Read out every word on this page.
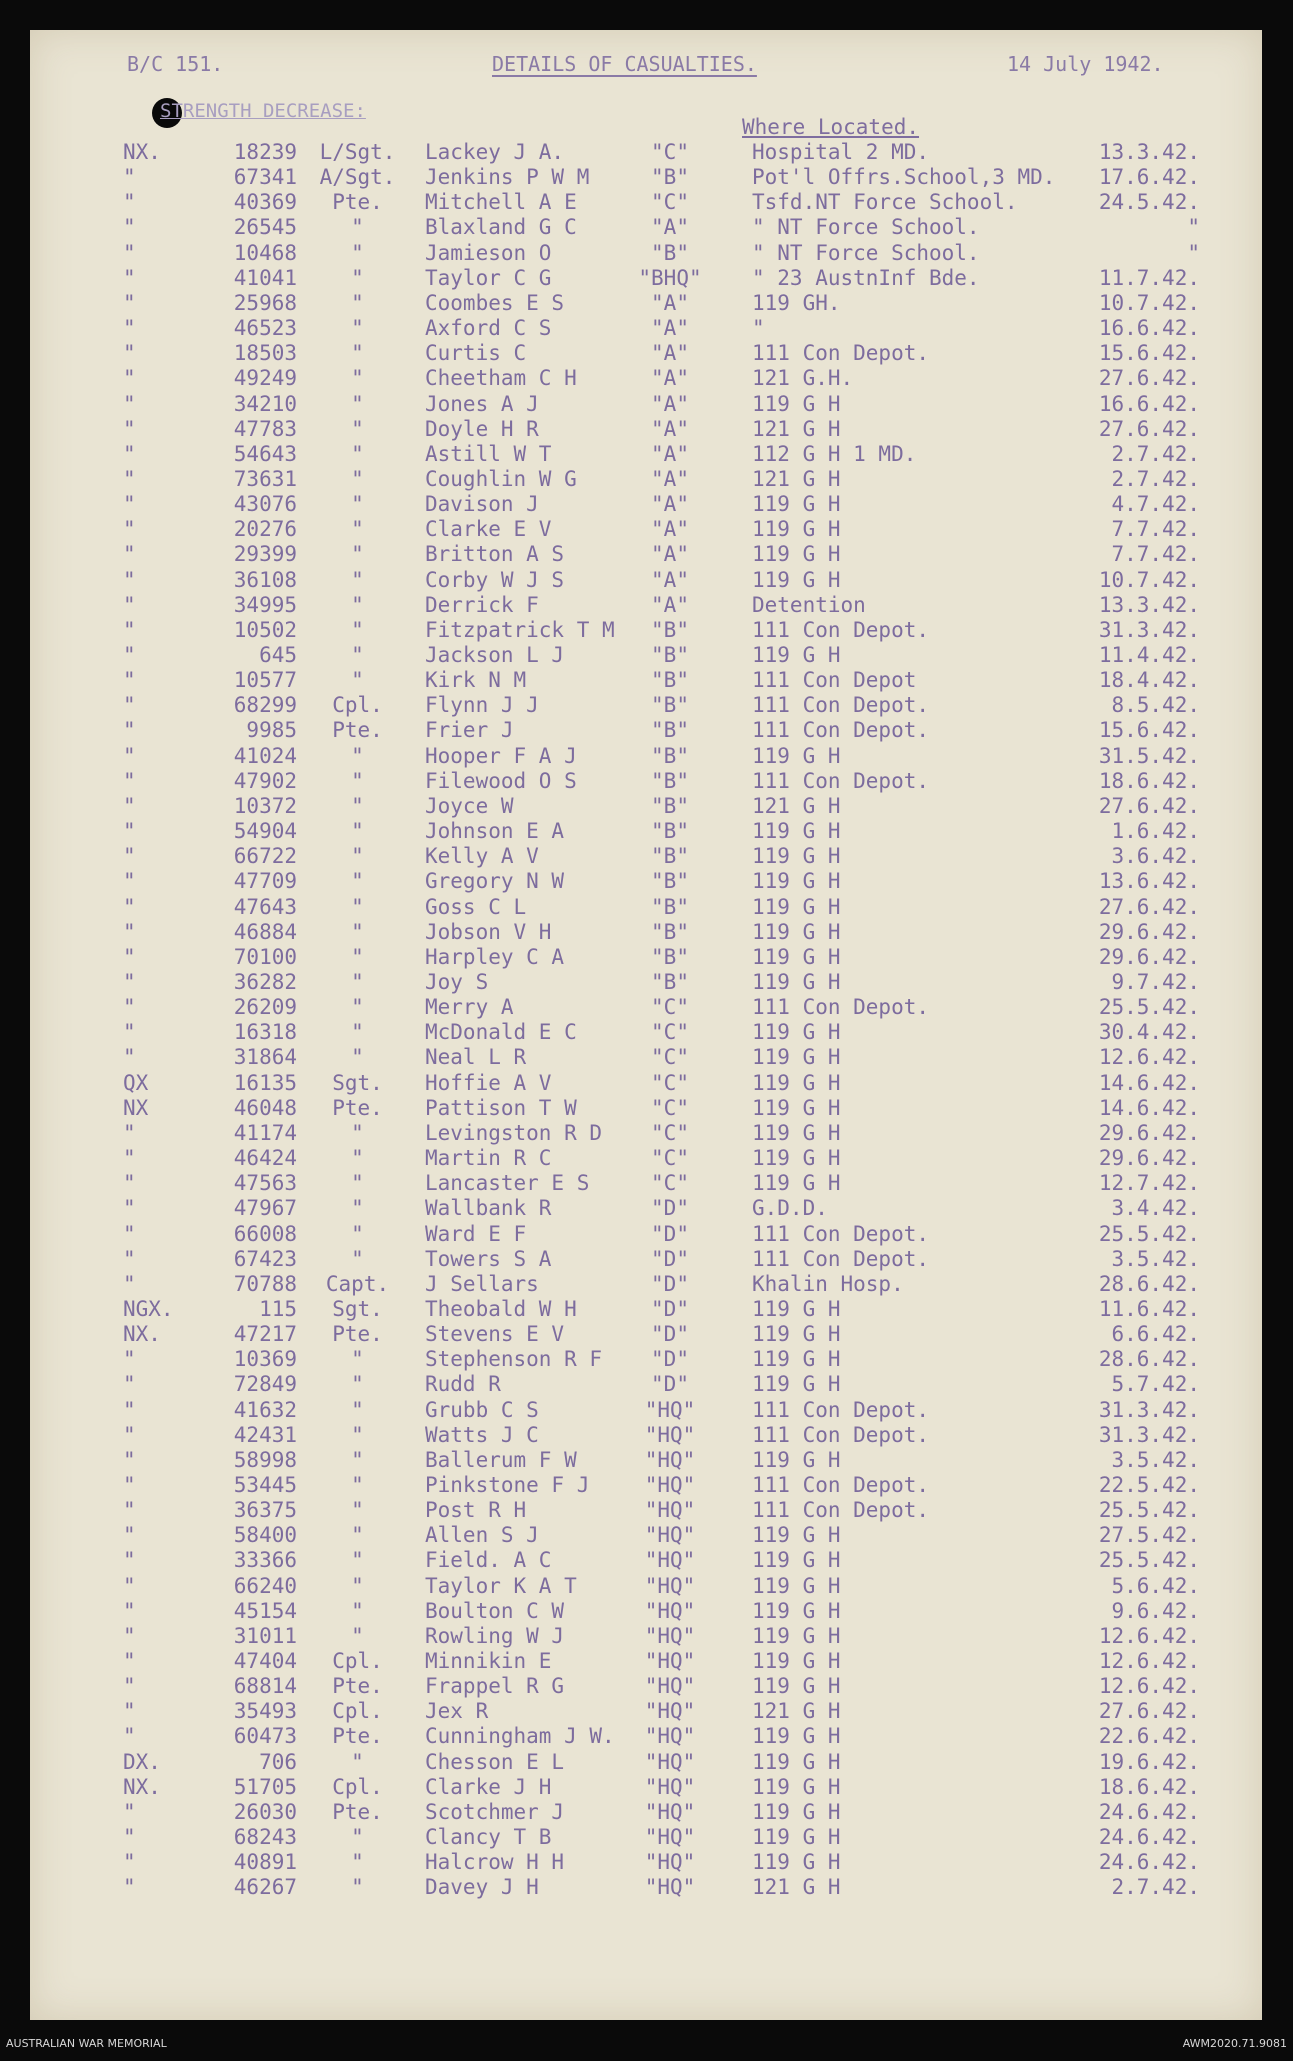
B/C 151.	DETAILS OF CASUALTIES.	14 July 1942.
STRENGTH DECREASE:
Where Located.
NX.	18239	L/Sgt.	Lackey J A.	"C"	Hospital 2 MD.	13.3.42.
"	67341	A/Sgt.	Jenkins P W M	"B"	Pot'l Offrs.School,3 MD.	17.6.42.
"	40369	Pte.	Mitchell A E	"C"	Tsfd.NT Force School.	24.5.42.
"	26545	"	Blaxland G C	"A"	" NT Force School.	"
"	10468	"	Jamieson O	"B"	" NT Force School.	"
"	41041	"	Taylor C G	"BHQ"	" 23 AustnInf Bde.	11.7.42.
"	25968	"	Coombes E S	"A"	119 GH.	10.7.42.
"	46523	"	Axford C S	"A"	"	16.6.42.
"	18503	"	Curtis C	"A"	111 Con Depot.	15.6.42.
"	49249	"	Cheetham C H	"A"	121 G.H.	27.6.42.
"	34210	"	Jones A J	"A"	119 G H	16.6.42.
"	47783	"	Doyle H R	"A"	121 G H	27.6.42.
"	54643	"	Astill W T	"A"	112 G H 1 MD.	2.7.42.
"	73631	"	Coughlin W G	"A"	121 G H	2.7.42.
"	43076	"	Davison J	"A"	119 G H	4.7.42.
"	20276	"	Clarke E V	"A"	119 G H	7.7.42.
"	29399	"	Britton A S	"A"	119 G H	7.7.42.
"	36108	"	Corby W J S	"A"	119 G H	10.7.42.
"	34995	"	Derrick F	"A"	Detention	13.3.42.
"	10502	"	Fitzpatrick T M	"B"	111 Con Depot.	31.3.42.
"	645	"	Jackson L J	"B"	119 G H	11.4.42.
"	10577	"	Kirk N M	"B"	111 Con Depot	18.4.42.
"	68299	Cpl.	Flynn J J	"B"	111 Con Depot.	8.5.42.
"	9985	Pte.	Frier J	"B"	111 Con Depot.	15.6.42.
"	41024	"	Hooper F A J	"B"	119 G H	31.5.42.
"	47902	"	Filewood O S	"B"	111 Con Depot.	18.6.42.
"	10372	"	Joyce W	"B"	121 G H	27.6.42.
"	54904	"	Johnson E A	"B"	119 G H	1.6.42.
"	66722	"	Kelly A V	"B"	119 G H	3.6.42.
"	47709	"	Gregory N W	"B"	119 G H	13.6.42.
"	47643	"	Goss C L	"B"	119 G H	27.6.42.
"	46884	"	Jobson V H	"B"	119 G H	29.6.42.
"	70100	"	Harpley C A	"B"	119 G H	29.6.42.
"	36282	"	Joy S	"B"	119 G H	9.7.42.
"	26209	"	Merry A	"C"	111 Con Depot.	25.5.42.
"	16318	"	McDonald E C	"C"	119 G H	30.4.42.
"	31864	"	Neal L R	"C"	119 G H	12.6.42.
QX	16135	Sgt.	Hoffie A V	"C"	119 G H	14.6.42.
NX	46048	Pte.	Pattison T W	"C"	119 G H	14.6.42.
"	41174	"	Levingston R D	"C"	119 G H	29.6.42.
"	46424	"	Martin R C	"C"	119 G H	29.6.42.
"	47563	"	Lancaster E S	"C"	119 G H	12.7.42.
"	47967	"	Wallbank R	"D"	G.D.D.	3.4.42.
"	66008	"	Ward E F	"D"	111 Con Depot.	25.5.42.
"	67423	"	Towers S A	"D"	111 Con Depot.	3.5.42.
"	70788	Capt.	J Sellars	"D"	Khalin Hosp.	28.6.42.
NGX.	115	Sgt.	Theobald W H	"D"	119 G H	11.6.42.
NX.	47217	Pte.	Stevens E V	"D"	119 G H	6.6.42.
"	10369	"	Stephenson R F	"D"	119 G H	28.6.42.
"	72849	"	Rudd R	"D"	119 G H	5.7.42.
"	41632	"	Grubb C S	"HQ"	111 Con Depot.	31.3.42.
"	42431	"	Watts J C	"HQ"	111 Con Depot.	31.3.42.
"	58998	"	Ballerum F W	"HQ"	119 G H	3.5.42.
"	53445	"	Pinkstone F J	"HQ"	111 Con Depot.	22.5.42.
"	36375	"	Post R H	"HQ"	111 Con Depot.	25.5.42.
"	58400	"	Allen S J	"HQ"	119 G H	27.5.42.
"	33366	"	Field. A C	"HQ"	119 G H	25.5.42.
"	66240	"	Taylor K A T	"HQ"	119 G H	5.6.42.
"	45154	"	Boulton C W	"HQ"	119 G H	9.6.42.
"	31011	"	Rowling W J	"HQ"	119 G H	12.6.42.
"	47404	Cpl.	Minnikin E	"HQ"	119 G H	12.6.42.
"	68814	Pte.	Frappel R G	"HQ"	119 G H	12.6.42.
"	35493	Cpl.	Jex R	"HQ"	121 G H	27.6.42.
"	60473	Pte.	Cunningham J W.	"HQ"	119 G H	22.6.42.
DX.	706	"	Chesson E L	"HQ"	119 G H	19.6.42.
NX.	51705	Cpl.	Clarke J H	"HQ"	119 G H	18.6.42.
"	26030	Pte.	Scotchmer J	"HQ"	119 G H	24.6.42.
"	68243	"	Clancy T B	"HQ"	119 G H	24.6.42.
"	40891	"	Halcrow H H	"HQ"	119 G H	24.6.42.
"	46267	"	Davey J H	"HQ"	121 G H	2.7.42.
AUSTRALIAN WAR MEMORIAL	AWM2020.71.9081
